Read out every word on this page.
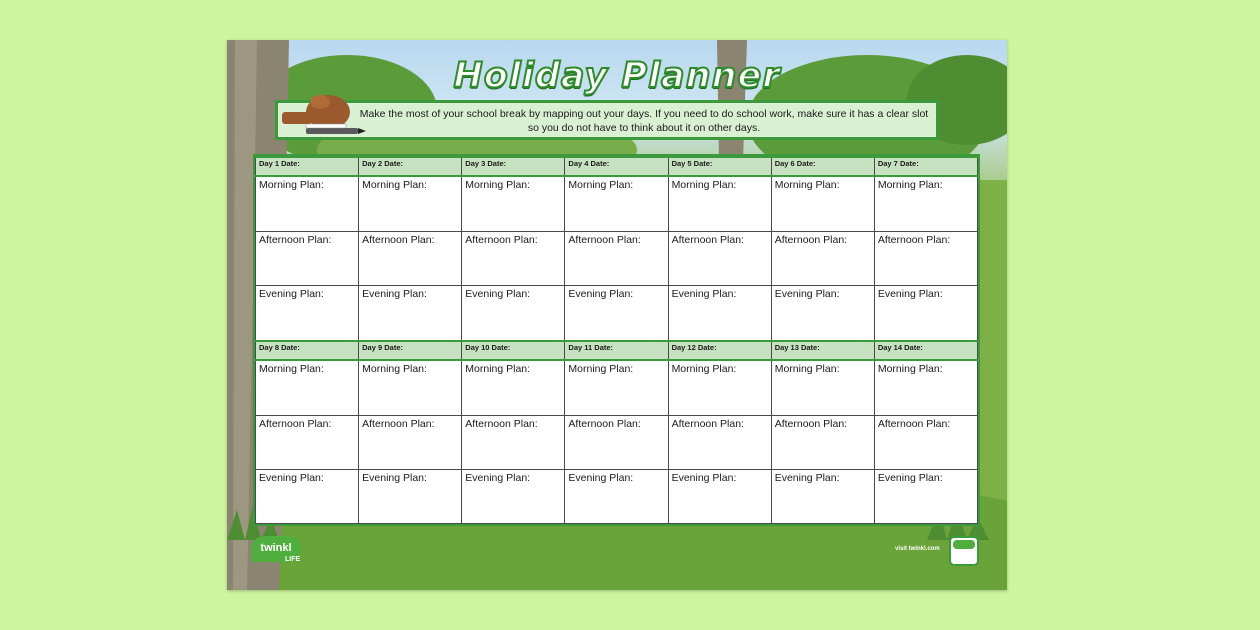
Holiday Planner
Make the most of your school break by mapping out your days. If you need to do school work, make sure it has a clear slot so you do not have to think about it on other days.
Day 1 Date:	Day 2 Date:	Day 3 Date:	Day 4 Date:	Day 5 Date:	Day 6 Date:	Day 7 Date:
Morning Plan:	Morning Plan:	Morning Plan:	Morning Plan:	Morning Plan:	Morning Plan:	Morning Plan:
Afternoon Plan:	Afternoon Plan:	Afternoon Plan:	Afternoon Plan:	Afternoon Plan:	Afternoon Plan:	Afternoon Plan:
Evening Plan:	Evening Plan:	Evening Plan:	Evening Plan:	Evening Plan:	Evening Plan:	Evening Plan:
Day 8 Date:	Day 9 Date:	Day 10 Date:	Day 11 Date:	Day 12 Date:	Day 13 Date:	Day 14 Date:
Morning Plan:	Morning Plan:	Morning Plan:	Morning Plan:	Morning Plan:	Morning Plan:	Morning Plan:
Afternoon Plan:	Afternoon Plan:	Afternoon Plan:	Afternoon Plan:	Afternoon Plan:	Afternoon Plan:	Afternoon Plan:
Evening Plan:	Evening Plan:	Evening Plan:	Evening Plan:	Evening Plan:	Evening Plan:	Evening Plan:
twinkl
LIFE
visit twinkl.com
